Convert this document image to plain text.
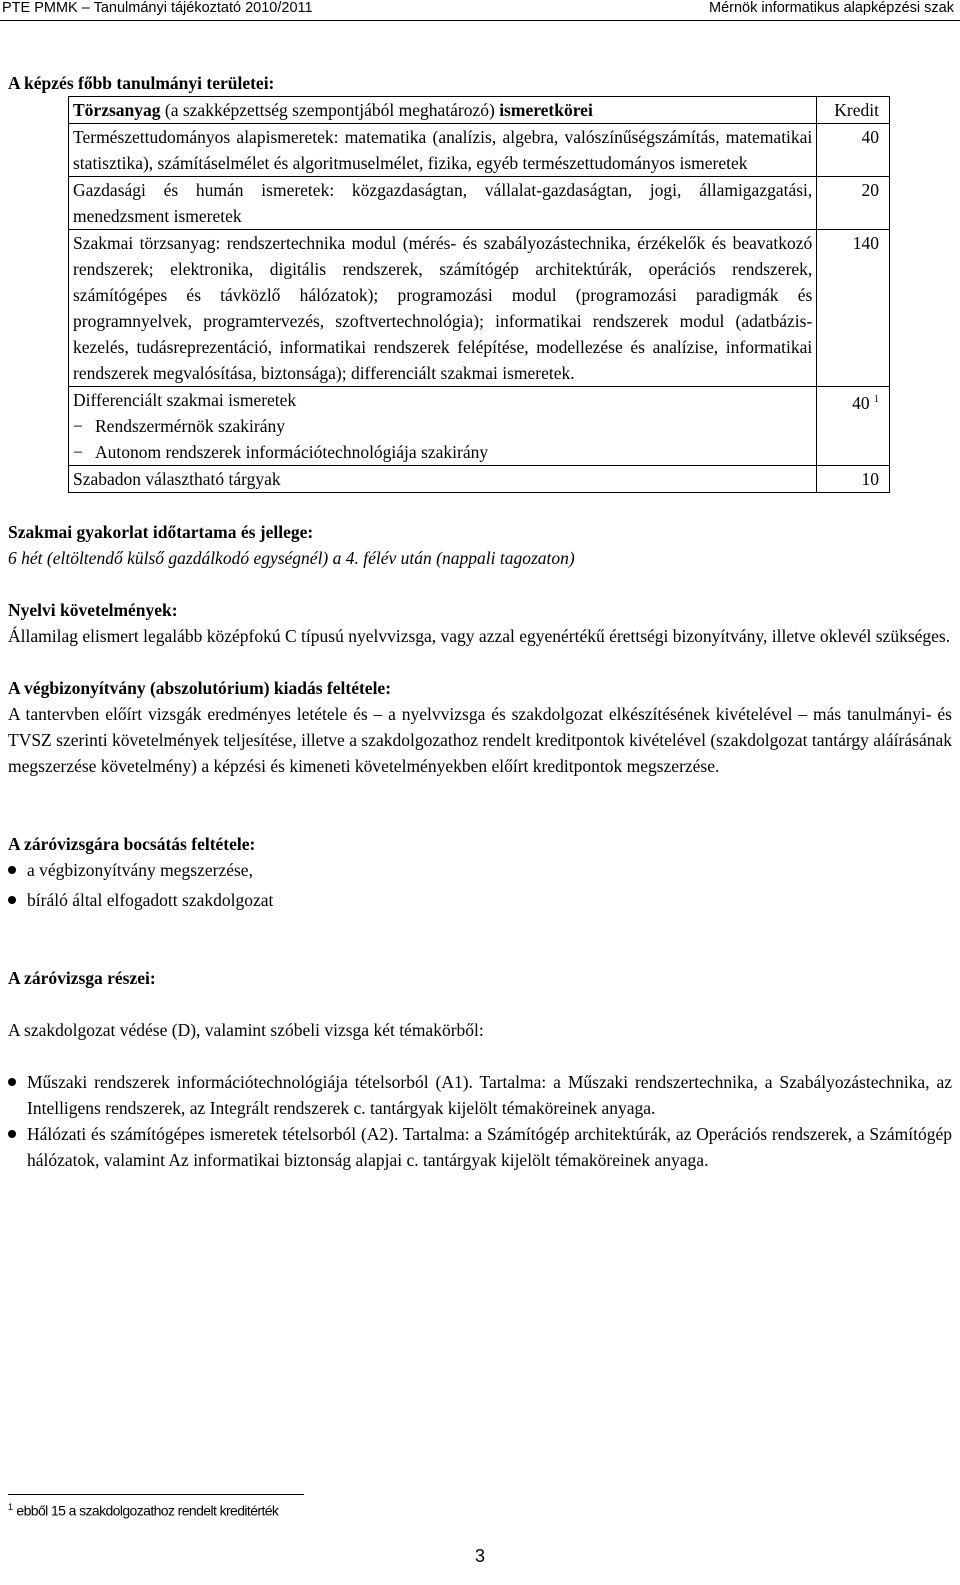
PTE PMMK – Tanulmányi tájékoztató 2010/2011	Mérnök informatikus alapképzési szak
A képzés főbb tanulmányi területei:
Törzsanyag (a szakképzettség szempontjából meghatározó) ismeretkörei	Kredit
Természettudományos alapismeretek: matematika (analízis, algebra, valószínűségszámítás, matematikai statisztika), számításelmélet és algoritmuselmélet, fizika, egyéb természettudományos ismeretek	40
Gazdasági és humán ismeretek: közgazdaságtan, vállalat-gazdaságtan, jogi, államigazgatási, menedzsment ismeretek	20
Szakmai törzsanyag: rendszertechnika modul (mérés- és szabályozástechnika, érzékelők és beavatkozó rendszerek; elektronika, digitális rendszerek, számítógép architektúrák, operációs rendszerek, számítógépes és távközlő hálózatok); programozási modul (programozási paradigmák és programnyelvek, programtervezés, szoftvertechnológia); informatikai rendszerek modul (adatbázis-kezelés, tudásreprezentáció, informatikai rendszerek felépítése, modellezése és analízise, informatikai rendszerek megvalósítása, biztonsága); differenciált szakmai ismeretek.	140

Differenciált szakmai ismeretek
− Rendszermérnök szakirány
− Autonom rendszerek információtechnológiája szakirány	40 $^1$
Szabadon választható tárgyak	10
Szakmai gyakorlat időtartama és jellege:

6 hét (eltöltendő külső gazdálkodó egységnél) a 4. félév után (nappali tagozaton)

Nyelvi követelmények:

Államilag elismert legalább középfokú C típusú nyelvvizsga, vagy azzal egyenértékű érettségi bizonyítvány, illetve oklevél szükséges.

A végbizonyítvány (abszolutórium) kiadás feltétele:

A tantervben előírt vizsgák eredményes letétele és – a nyelvvizsga és szakdolgozat elkészítésének kivételével – más tanulmányi- és TVSZ szerinti követelmények teljesítése, illetve a szakdolgozathoz rendelt kreditpontok kivételével (szakdolgozat tantárgy aláírásának megszerzése követelmény) a képzési és kimeneti követelményekben előírt kreditpontok megszerzése.

A záróvizsgára bocsátás feltétele:
a végbizonyítvány megszerzése,
bíráló által elfogadott szakdolgozat
A záróvizsga részei:

A szakdolgozat védése (D), valamint szóbeli vizsga két témakörből:

Műszaki rendszerek információtechnológiája tételsorból (A1). Tartalma: a Műszaki rendszertechnika, a Szabályozástechnika, az Intelligens rendszerek, az Integrált rendszerek c. tantárgyak kijelölt témaköreinek anyaga.
Hálózati és számítógépes ismeretek tételsorból (A2). Tartalma: a Számítógép architektúrák, az Operációs rendszerek, a Számítógép hálózatok, valamint Az informatikai biztonság alapjai c. tantárgyak kijelölt témaköreinek anyaga.
$^1$ ebből 15 a szakdolgozathoz rendelt kreditérték
3
